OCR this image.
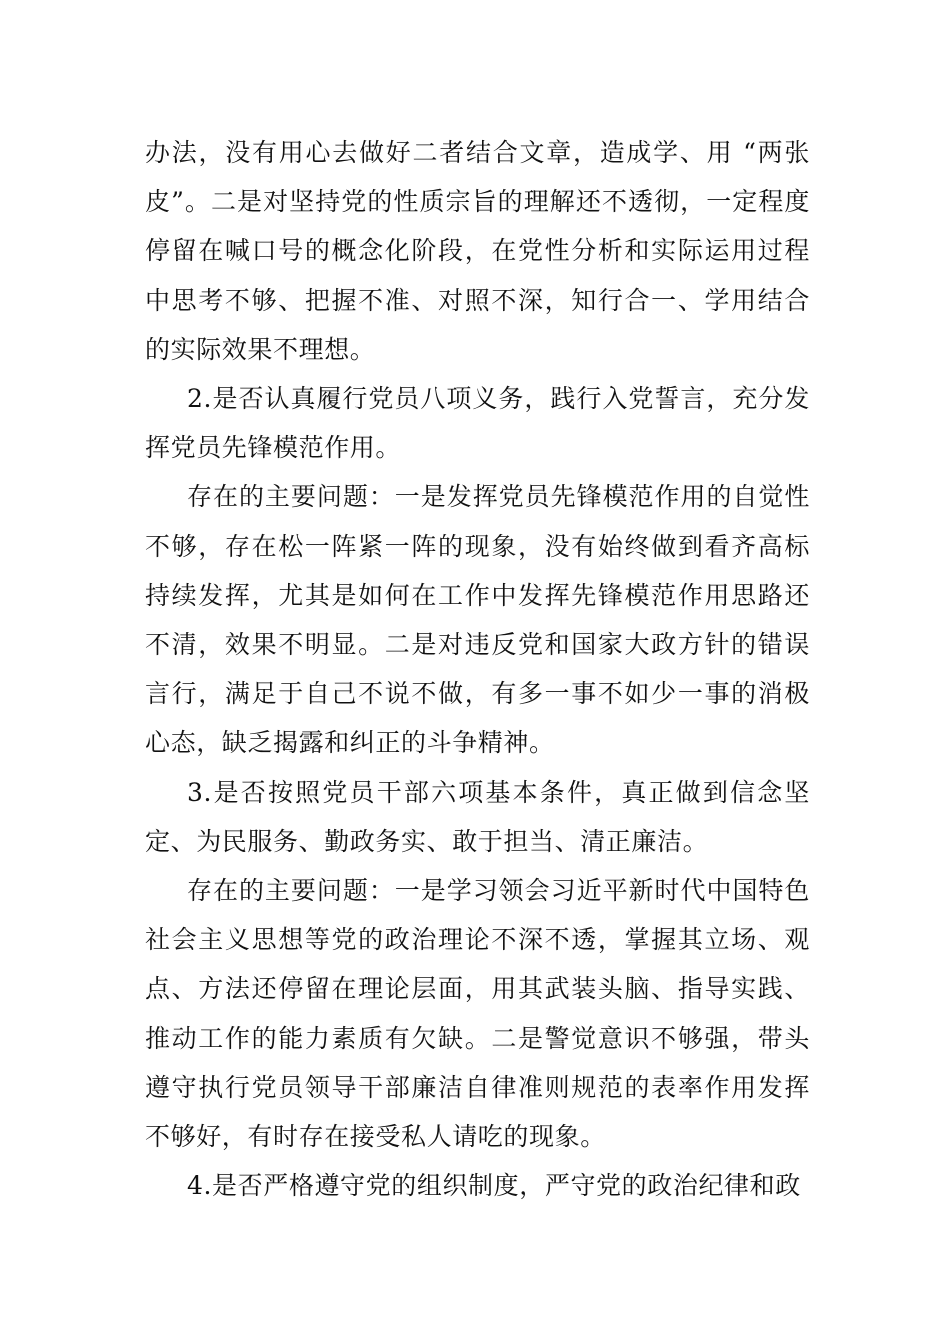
办法，没有用心去做好二者结合文章，造成学、用 “两张皮”。二是对坚持党的性质宗旨的理解还不透彻，一定程度停留在喊口号的概念化阶段，在党性分析和实际运用过程中思考不够、把握不准、对照不深，知行合一、学用结合的实际效果不理想。

2.是否认真履行党员八项义务，践行入党誓言，充分发挥党员先锋模范作用。

存在的主要问题：一是发挥党员先锋模范作用的自觉性不够，存在松一阵紧一阵的现象，没有始终做到看齐高标持续发挥，尤其是如何在工作中发挥先锋模范作用思路还不清，效果不明显。二是对违反党和国家大政方针的错误言行，满足于自己不说不做，有多一事不如少一事的消极心态，缺乏揭露和纠正的斗争精神。

3.是否按照党员干部六项基本条件，真正做到信念坚定、为民服务、勤政务实、敢于担当、清正廉洁。

存在的主要问题：一是学习领会习近平新时代中国特色社会主义思想等党的政治理论不深不透，掌握其立场、观点、方法还停留在理论层面，用其武装头脑、指导实践、推动工作的能力素质有欠缺。二是警觉意识不够强，带头遵守执行党员领导干部廉洁自律准则规范的表率作用发挥不够好，有时存在接受私人请吃的现象。

4.是否严格遵守党的组织制度，严守党的政治纪律和政
